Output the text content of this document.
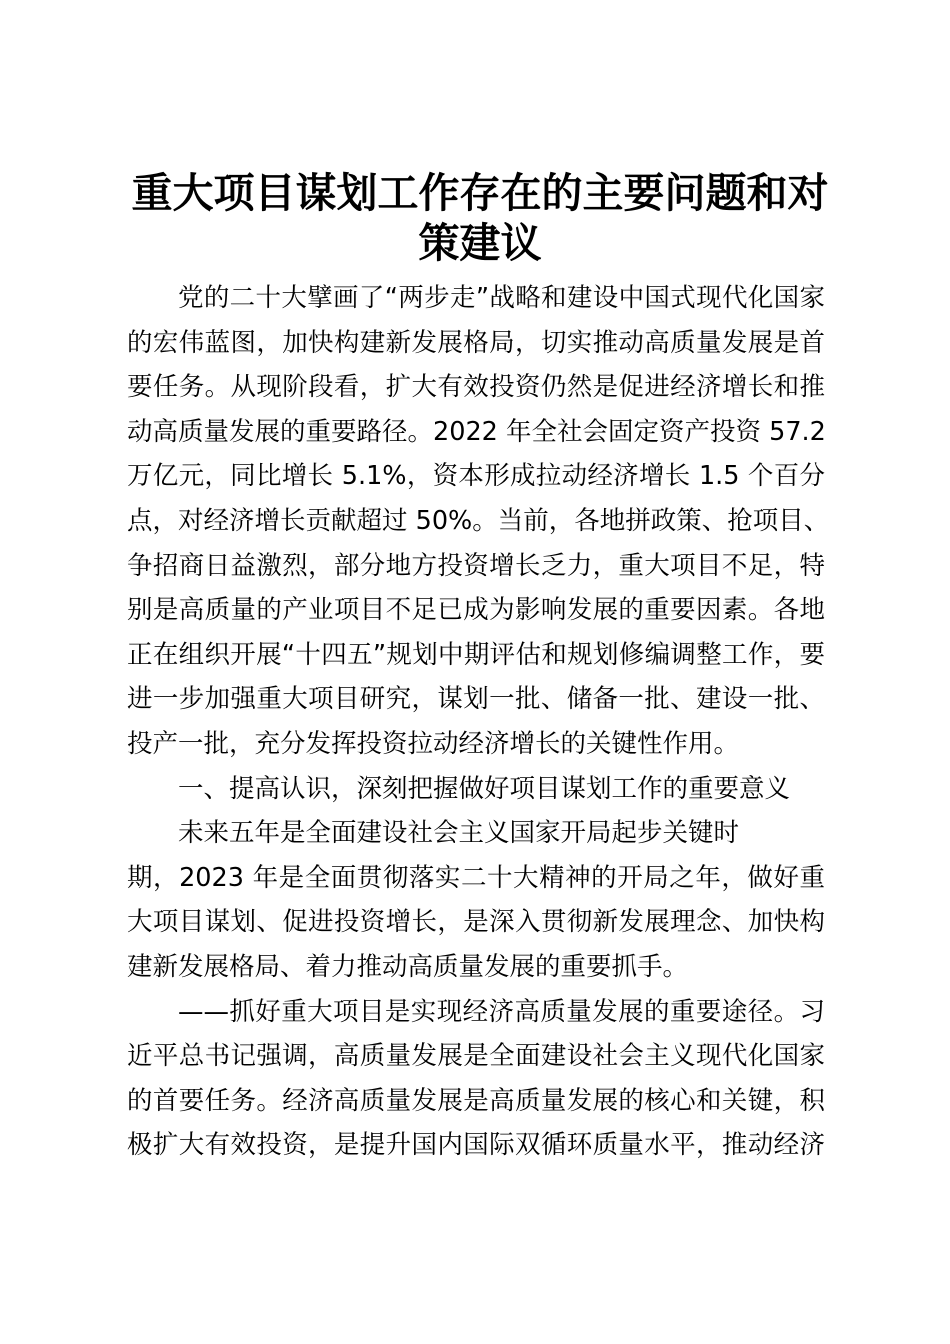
重大项目谋划工作存在的主要问题和对
策建议
党的二十大擘画了“两步走”战略和建设中国式现代化国家
的宏伟蓝图，加快构建新发展格局，切实推动高质量发展是首
要任务。从现阶段看，扩大有效投资仍然是促进经济增长和推
动高质量发展的重要路径。2022 年全社会固定资产投资 57.2
万亿元，同比增长 5.1%，资本形成拉动经济增长 1.5 个百分
点，对经济增长贡献超过 50%。当前，各地拼政策、抢项目、
争招商日益激烈，部分地方投资增长乏力，重大项目不足，特
别是高质量的产业项目不足已成为影响发展的重要因素。各地
正在组织开展“十四五”规划中期评估和规划修编调整工作，要
进一步加强重大项目研究，谋划一批、储备一批、建设一批、
投产一批，充分发挥投资拉动经济增长的关键性作用。
一、提高认识，深刻把握做好项目谋划工作的重要意义
未来五年是全面建设社会主义国家开局起步关键时
期，2023 年是全面贯彻落实二十大精神的开局之年，做好重
大项目谋划、促进投资增长，是深入贯彻新发展理念、加快构
建新发展格局、着力推动高质量发展的重要抓手。
——抓好重大项目是实现经济高质量发展的重要途径。习
近平总书记强调，高质量发展是全面建设社会主义现代化国家
的首要任务。经济高质量发展是高质量发展的核心和关键，积
极扩大有效投资，是提升国内国际双循环质量水平，推动经济
